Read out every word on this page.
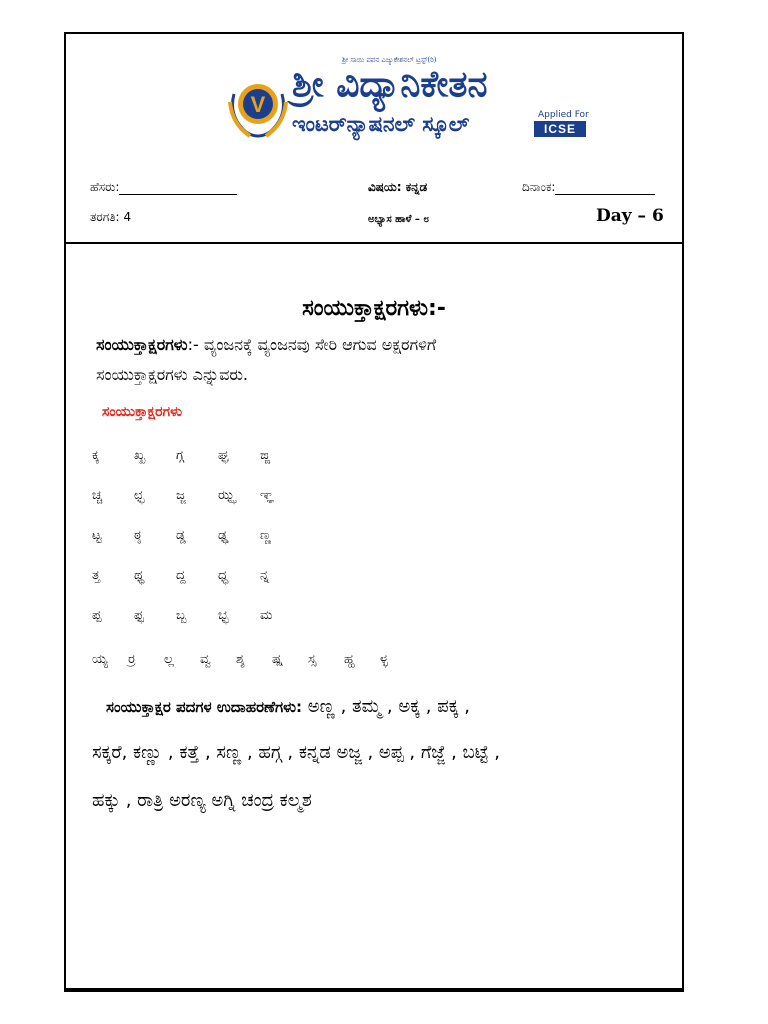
V
ಶ್ರೀ ಸಾಯಿ ಪವನ ಎಜ್ಯುಕೇಶನಲ್ ಟ್ರಸ್ಟ್(ರಿ)
ಶ್ರೀ ವಿದ್ಯಾನಿಕೇತನ
ಇಂಟರ್‌ನ್ಯಾಷನಲ್ ಸ್ಕೂಲ್	Applied For
ICSE
ಹೆಸರು:	ವಿಷಯ: ಕನ್ನಡ	ದಿನಾಂಕ:
ತರಗತಿ: 4	ಅಭ್ಯಾಸ ಹಾಳೆ – ೮	Day – 6
ಸಂಯುಕ್ತಾಕ್ಷರಗಳು:-
ಸಂಯುಕ್ತಾಕ್ಷರಗಳು:- ವ್ಯಂಜನಕ್ಕೆ ವ್ಯಂಜನವು ಸೇರಿ ಆಗುವ ಅಕ್ಷರಗಳಿಗೆ
ಸಂಯುಕ್ತಾಕ್ಷರಗಳು ಎನ್ನುವರು.
ಸಂಯುಕ್ತಾಕ್ಷರಗಳು
ಕ್ಕ	ಖ್ಖ ಗ್ಗ	ಘ್ಘ ಙ್ಙ
ಚ್ಚ ಛ್ಛ	ಜ್ಜ ಝ್ಝ ಞ್ಞ
ಟ್ಟ	ಠ್ಠ	ಡ್ಡ ಢ್ಢ ಣ್ಣ
ತ್ತ	ಥ್ಥ ದ್ದ ಧ್ಧ	ನ್ನ
ಪ್ಪ	ಫ್ಫ	ಬ್ಬ ಭ್ಭ ಮ
ಯ್ಯ ರ್ರ ಲ್ಲ ವ್ವ ಶ್ಶ ಷ್ಷ ಸ್ಸ ಹ್ಹ ಳ್ಳ
ಸಂಯುಕ್ತಾಕ್ಷರ ಪದಗಳ ಉದಾಹರಣೆಗಳು: ಅಣ್ಣ , ತಮ್ಮ , ಅಕ್ಕ , ಪಕ್ಕ ,
ಸಕ್ಕರೆ, ಕಣ್ಣು , ಕತ್ತೆ , ಸಣ್ಣ , ಹಗ್ಗ , ಕನ್ನಡ ಅಜ್ಜ , ಅಪ್ಪ , ಗೆಜ್ಜೆ , ಬಟ್ಟೆ ,
ಹಕ್ಕು , ರಾತ್ರಿ ಅರಣ್ಯ ಅಗ್ನಿ ಚಂದ್ರ ಕಲ್ಮಶ
